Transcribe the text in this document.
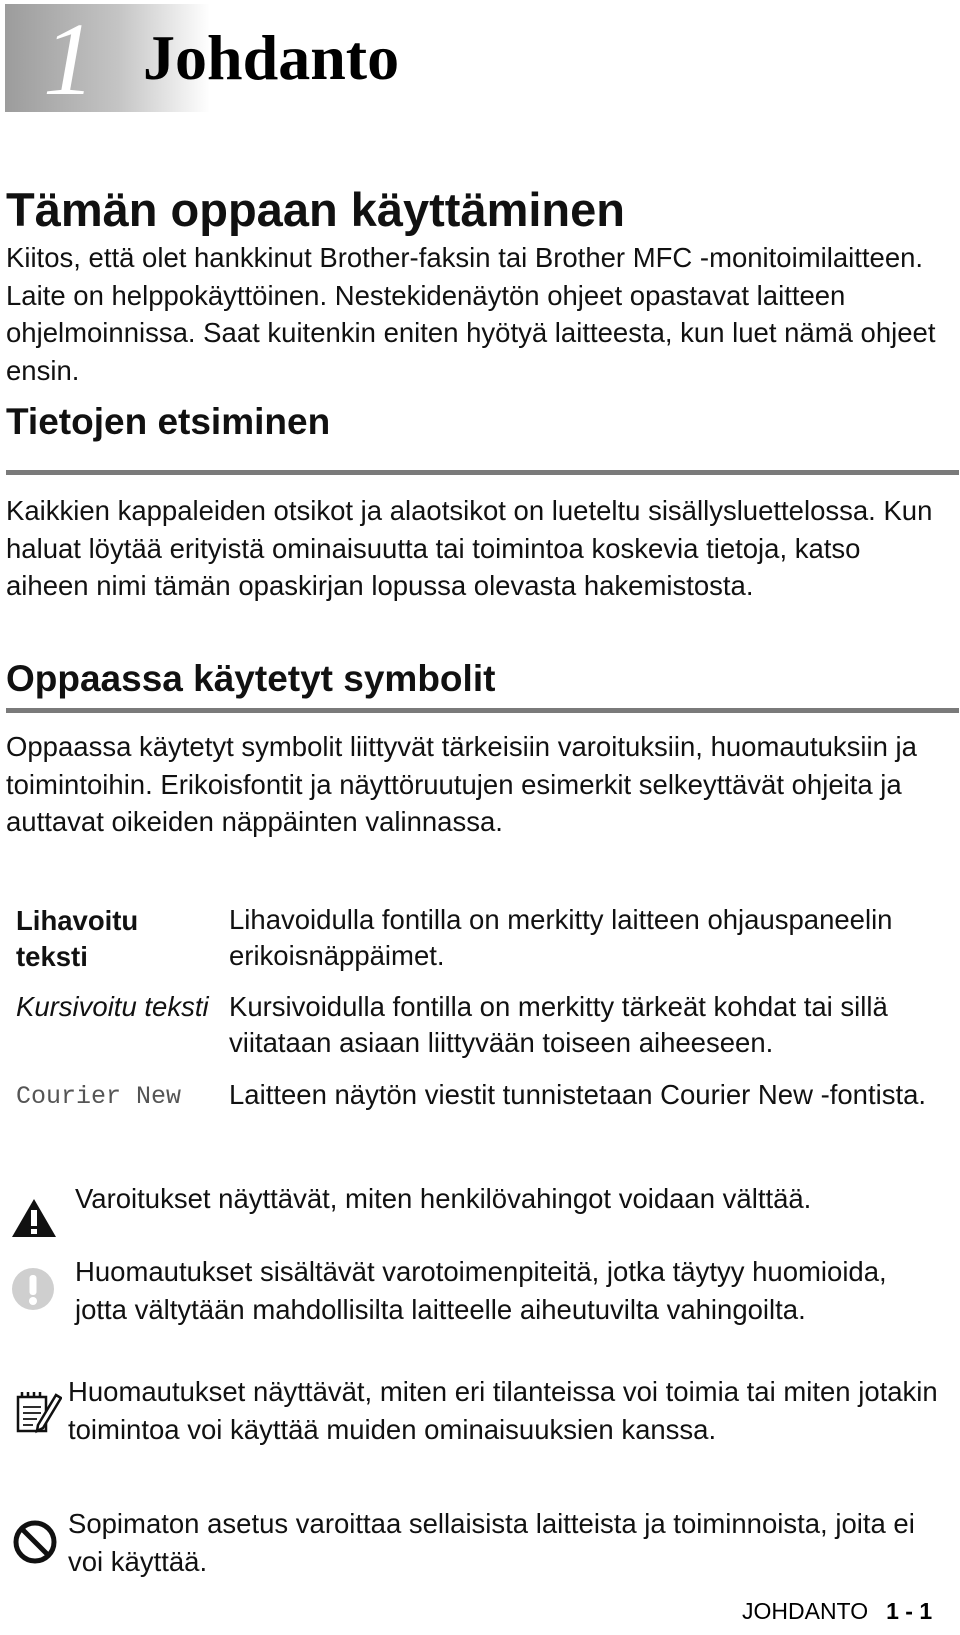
1 Johdanto
Tämän oppaan käyttäminen

Kiitos, että olet hankkinut Brother-faksin tai Brother MFC -monitoimilaitteen. Laite on helppokäyttöinen. Nestekidenäytön ohjeet opastavat laitteen ohjelmoinnissa. Saat kuitenkin eniten hyötyä laitteesta, kun luet nämä ohjeet ensin.

Tietojen etsiminen

Kaikkien kappaleiden otsikot ja alaotsikot on lueteltu sisällysluettelossa. Kun haluat löytää erityistä ominaisuutta tai toimintoa koskevia tietoja, katso aiheen nimi tämän opaskirjan lopussa olevasta hakemistosta.

Oppaassa käytetyt symbolit

Oppaassa käytetyt symbolit liittyvät tärkeisiin varoituksiin, huomautuksiin ja toimintoihin. Erikoisfontit ja näyttöruutujen esimerkit selkeyttävät ohjeita ja auttavat oikeiden näppäinten valinnassa.

Lihavoitu teksti

Lihavoidulla fontilla on merkitty laitteen ohjauspaneelin erikoisnäppäimet.

Kursivoitu teksti Kursivoidulla fontilla on merkitty tärkeät kohdat tai sillä viitataan asiaan liittyvään toiseen aiheeseen.

Courier New	Laitteen näytön viestit tunnistetaan Courier New -fontista.

Varoitukset näyttävät, miten henkilövahingot voidaan välttää.

Huomautukset sisältävät varotoimenpiteitä, jotka täytyy huomioida, jotta vältytään mahdollisilta laitteelle aiheutuvilta vahingoilta.

Huomautukset näyttävät, miten eri tilanteissa voi toimia tai miten jotakin toimintoa voi käyttää muiden ominaisuuksien kanssa.

Sopimaton asetus varoittaa sellaisista laitteista ja toiminnoista, joita ei voi käyttää.

JOHDANTO 1 - 1
